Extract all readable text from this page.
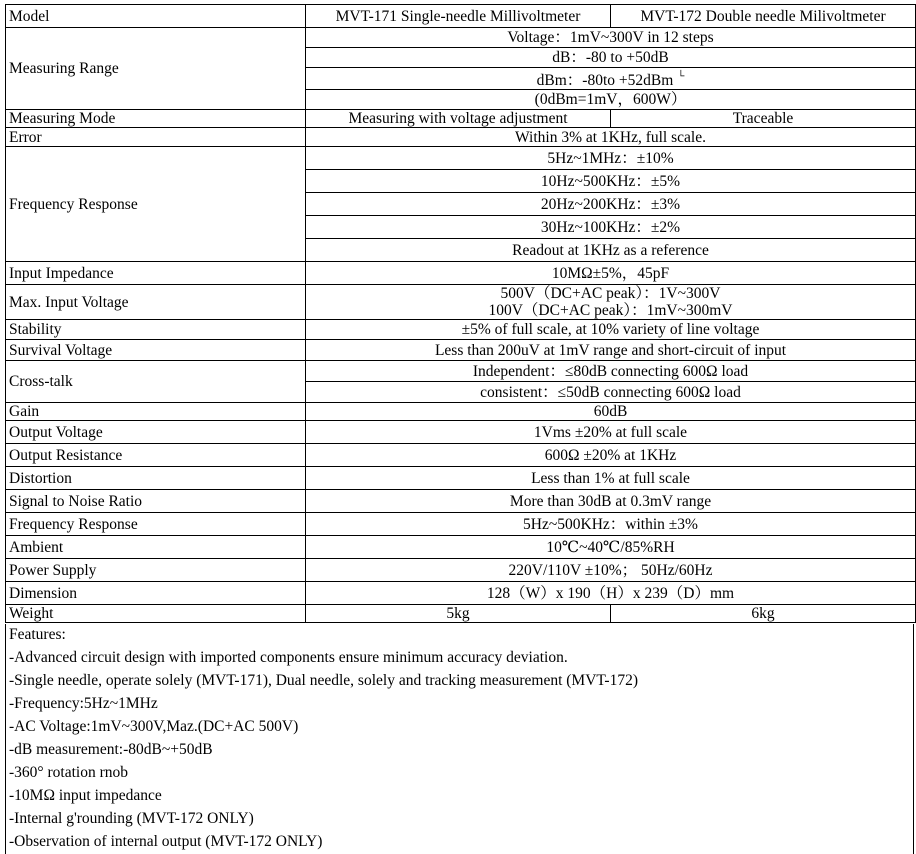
Model	MVT-171 Single-needle Millivoltmeter	MVT-172 Double needle Milivoltmeter
Measuring Range	Voltage：1mV~300V in 12 steps	
	dB：-80 to +50dB	
	dBm：-80to +52dBm └
	(0dBm=1mV，600W）	
Measuring Mode	Measuring with voltage adjustment	Traceable
Error	Within 3% at 1KHz, full scale.	
Frequency Response	5Hz~1MHz：±10%	
	10Hz~500KHz：±5%	
	20Hz~200KHz：±3%	
	30Hz~100KHz：±2%	
	Readout at 1KHz as a reference	
Input Impedance	10MΩ±5%，45pF	
Max. Input Voltage	500V（DC+AC peak）：1V~300V	
	100V（DC+AC peak）：1mV~300mV	
Stability	±5% of full scale, at 10% variety of line voltage	
Survival Voltage	Less than 200uV at 1mV range and short-circuit of input	
Cross-talk	Independent：≤80dB connecting 600Ω load	
	consistent：≤50dB connecting 600Ω load	
Gain	60dB	
Output Voltage	1Vms ±20% at full scale	
Output Resistance	600Ω ±20% at 1KHz	
Distortion	Less than 1% at full scale	
Signal to Noise Ratio	More than 30dB at 0.3mV range	
Frequency Response	5Hz~500KHz：within ±3%	
Ambient	10℃~40℃/85%RH	
Power Supply	220V/110V ±10%； 50Hz/60Hz	
Dimension	128（W）x 190（H）x 239（D）mm	
Weight	5kg	6kg
Features:
-Advanced circuit design with imported components ensure minimum accuracy deviation.
-Single needle, operate solely (MVT-171), Dual needle, solely and tracking measurement (MVT-172)
-Frequency:5Hz~1MHz
-AC Voltage:1mV~300V,Maz.(DC+AC 500V)
-dB measurement:-80dB~+50dB
-360° rotation rnob
-10MΩ input impedance
-Internal g'rounding (MVT-172 ONLY)
-Observation of internal output (MVT-172 ONLY)
